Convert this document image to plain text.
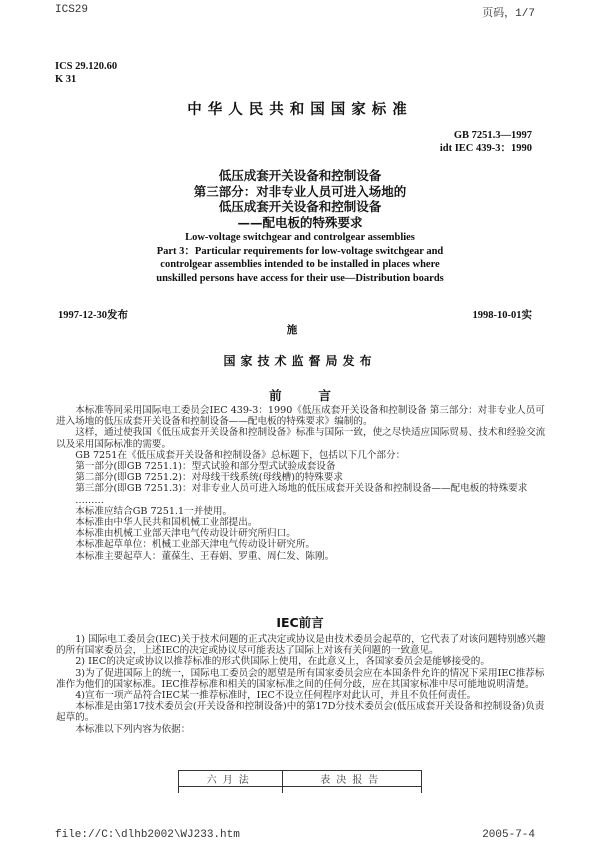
ICS29	页码，1/7
ICS 29.120.60
K 31
中华人民共和国国家标准
GB 7251.3—1997
idt IEC 439-3：1990
低压成套开关设备和控制设备
第三部分：对非专业人员可进入场地的
低压成套开关设备和控制设备
——配电板的特殊要求
Low-voltage switchgear and controlgear assemblies
Part 3：Particular requirements for low-voltage switchgear and
controlgear assemblies intended to be installed in places where
unskilled persons have access for their use—Distribution boards
1997-12-30发布	1998-10-01实
施
国家技术监督局发布
前  言

本标准等同采用国际电工委员会IEC 439-3：1990《低压成套开关设备和控制设备 第三部分：对非专业人员可进入场地的低压成套开关设备和控制设备——配电板的特殊要求》编制的。

这样，通过使我国《低压成套开关设备和控制设备》标准与国际一致，使之尽快适应国际贸易、技术和经验交流以及采用国际标准的需要。

GB 7251在《低压成套开关设备和控制设备》总标题下，包括以下几个部分：

第一部分(即GB 7251.1)：型式试验和部分型式试验成套设备

第二部分(即GB 7251.2)：对母线干线系统(母线槽)的特殊要求

第三部分(即GB 7251.3)：对非专业人员可进入场地的低压成套开关设备和控制设备——配电板的特殊要求

………

本标准应结合GB 7251.1一并使用。

本标准由中华人民共和国机械工业部提出。

本标准由机械工业部天津电气传动设计研究所归口。

本标准起草单位：机械工业部天津电气传动设计研究所。

本标准主要起草人：董葆生、王春娟、罗重、周仁发、陈刚。

IEC前言

1) 国际电工委员会(IEC)关于技术问题的正式决定或协议是由技术委员会起草的，它代表了对该问题特别感兴趣的所有国家委员会，上述IEC的决定或协议尽可能表达了国际上对该有关问题的一致意见。

2) IEC的决定或协议以推荐标准的形式供国际上使用，在此意义上，各国家委员会是能够接受的。

3)为了促进国际上的统一，国际电工委员会的愿望是所有国家委员会应在本国条件允许的情况下采用IEC推荐标准作为他们的国家标准。IEC推荐标准和相关的国家标准之间的任何分歧，应在其国家标准中尽可能地说明清楚。

4)宣布一项产品符合IEC某一推荐标准时，IEC不设立任何程序对此认可，并且不负任何责任。

本标准是由第17技术委员会(开关设备和控制设备)中的第17D分技术委员会(低压成套开关设备和控制设备)负责起草的。

本标准以下列内容为依据：

六月法	表决报告

file://C:\dlhb2002\WJ233.htm	2005-7-4
